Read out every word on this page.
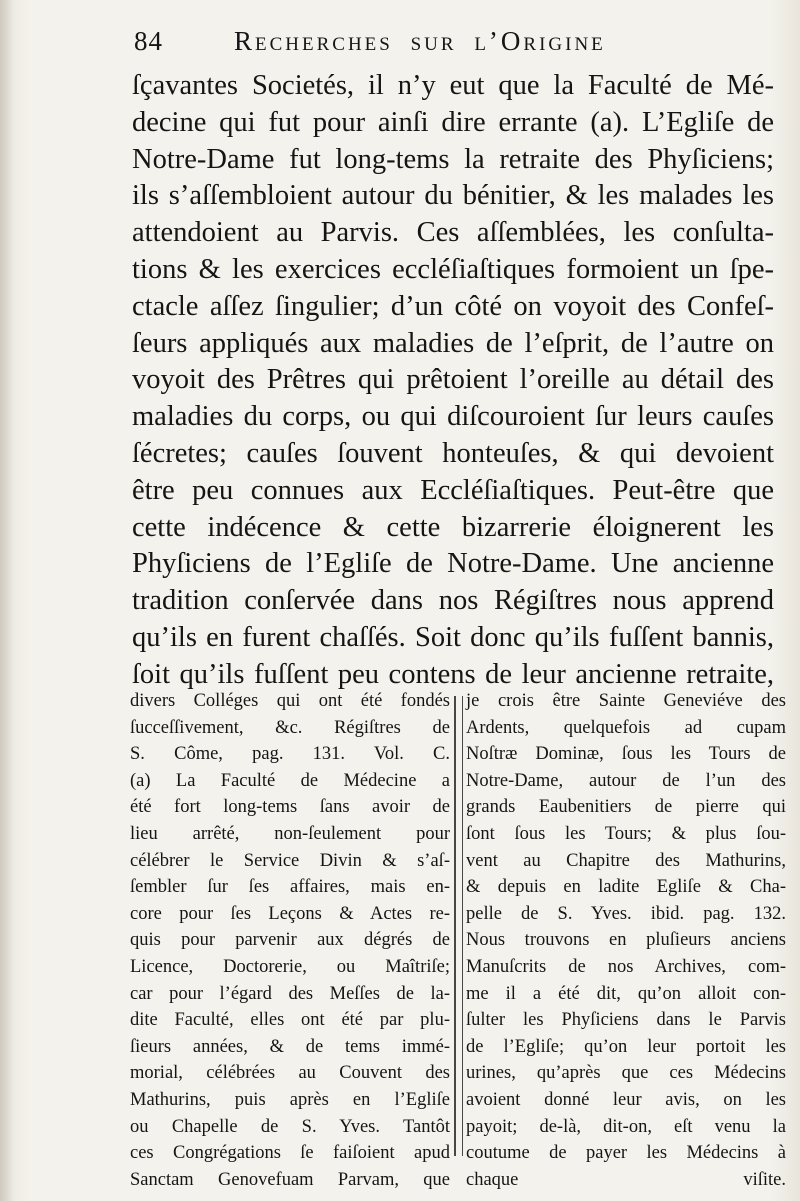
84	Recherches sur l’Origine
ſçavantes Societés, il n’y eut que la Faculté de Mé-
decine qui fut pour ainſi dire errante (a). L’Egliſe de
Notre-Dame fut long-tems la retraite des Phyſiciens;
ils s’aſſembloient autour du bénitier, & les malades les
attendoient au Parvis. Ces aſſemblées, les conſulta-
tions & les exercices eccléſiaſtiques formoient un ſpe-
ctacle aſſez ſingulier; d’un côté on voyoit des Confeſ-
ſeurs appliqués aux maladies de l’eſprit, de l’autre on
voyoit des Prêtres qui prêtoient l’oreille au détail des
maladies du corps, ou qui diſcouroient ſur leurs cauſes
ſécretes; cauſes ſouvent honteuſes, & qui devoient
être peu connues aux Eccléſiaſtiques. Peut-être que
cette indécence & cette bizarrerie éloignerent les
Phyſiciens de l’Egliſe de Notre-Dame. Une ancienne
tradition conſervée dans nos Régiſtres nous apprend
qu’ils en furent chaſſés. Soit donc qu’ils fuſſent bannis,
ſoit qu’ils fuſſent peu contens de leur ancienne retraite,
divers Colléges qui ont été fondés
ſucceſſivement, &c. Régiſtres de
S. Côme, pag. 131. Vol. C.
(a) La Faculté de Médecine a
été fort long-tems ſans avoir de
lieu arrêté, non-ſeulement pour
célébrer le Service Divin & s’aſ-
ſembler ſur ſes affaires, mais en-
core pour ſes Leçons & Actes re-
quis pour parvenir aux dégrés de
Licence, Doctorerie, ou Maîtriſe;
car pour l’égard des Meſſes de la-
dite Faculté, elles ont été par plu-
ſieurs années, & de tems immé-
morial, célébrées au Couvent des
Mathurins, puis après en l’Egliſe
ou Chapelle de S. Yves. Tantôt
ces Congrégations ſe faiſoient apud
Sanctam Genovefuam Parvam, que
je crois être Sainte Geneviéve des
Ardents, quelquefois ad cupam
Noſtræ Dominæ, ſous les Tours de
Notre-Dame, autour de l’un des
grands Eaubenitiers de pierre qui
ſont ſous les Tours; & plus ſou-
vent au Chapitre des Mathurins,
& depuis en ladite Egliſe & Cha-
pelle de S. Yves. ibid. pag. 132.
Nous trouvons en pluſieurs anciens
Manuſcrits de nos Archives, com-
me il a été dit, qu’on alloit con-
ſulter les Phyſiciens dans le Parvis
de l’Egliſe; qu’on leur portoit les
urines, qu’après que ces Médecins
avoient donné leur avis, on les
payoit; de-là, dit-on, eſt venu la
coutume de payer les Médecins à
chaque viſite.
